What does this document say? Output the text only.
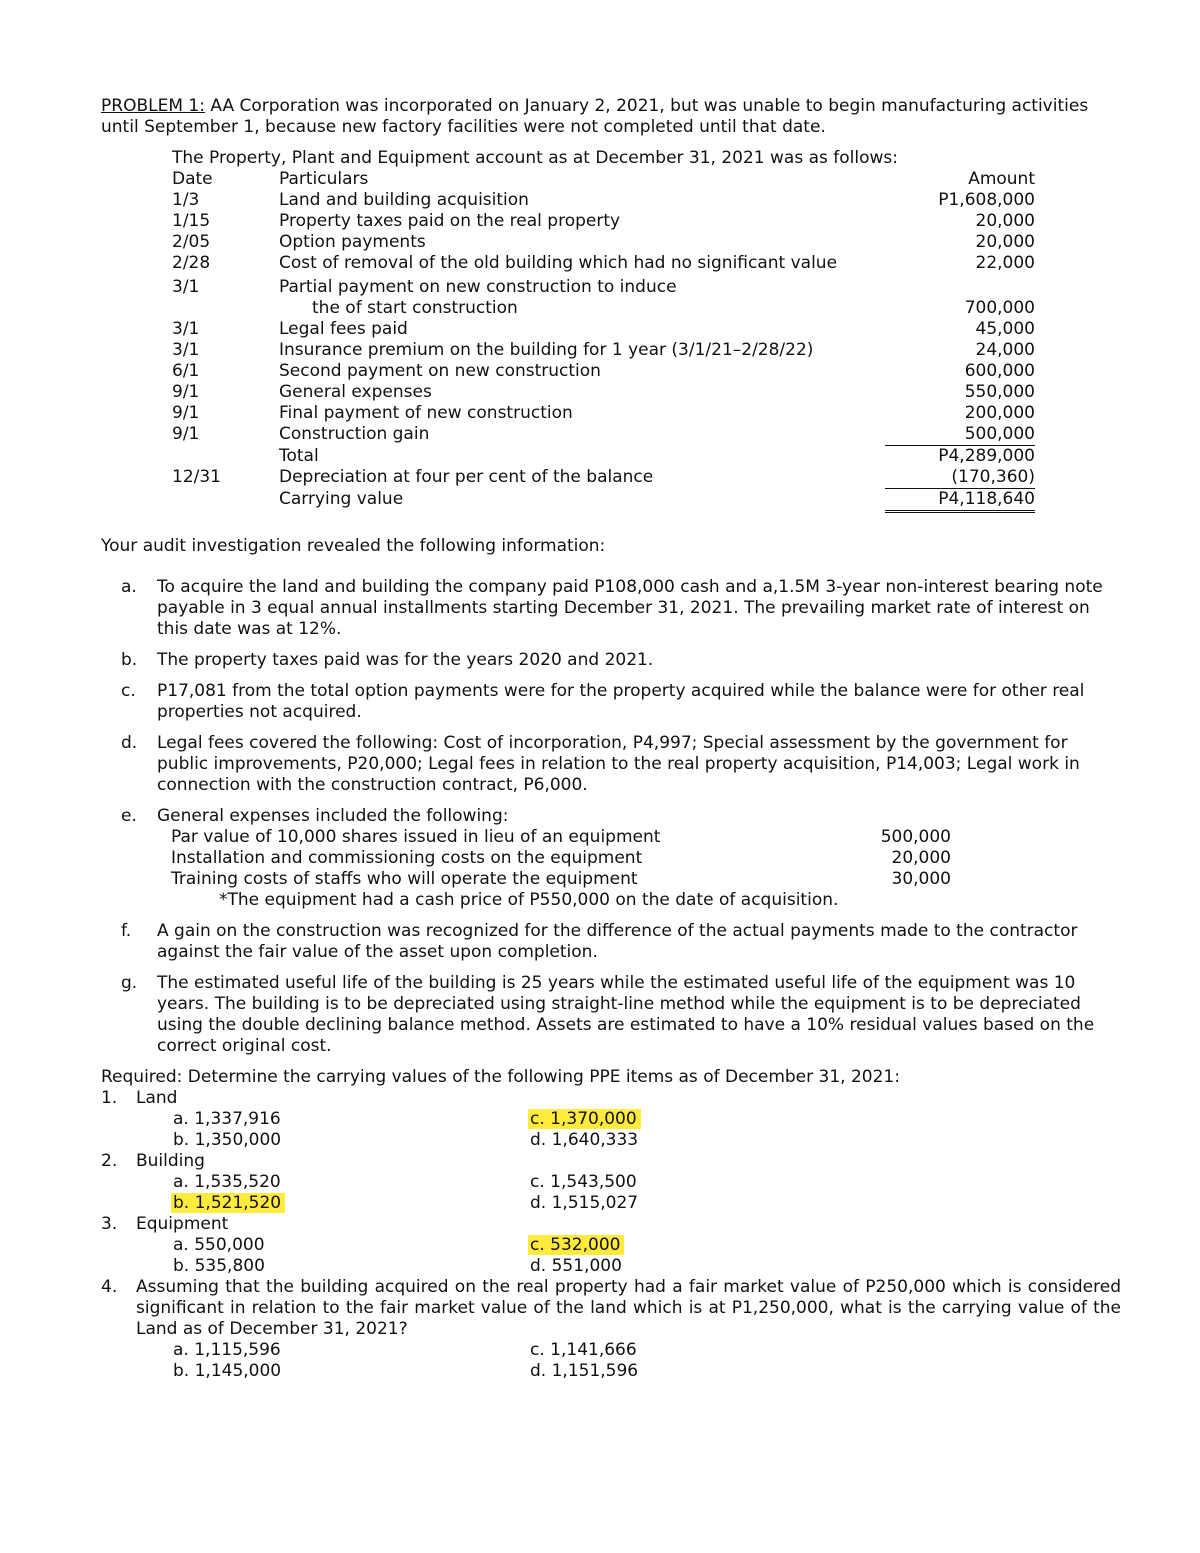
PROBLEM 1: AA Corporation was incorporated on January 2, 2021, but was unable to begin manufacturing activities until September 1, because new factory facilities were not completed until that date.

The Property, Plant and Equipment account as at December 31, 2021 was as follows:
Date	Particulars	Amount
1/3	Land and building acquisition	P1,608,000
1/15	Property taxes paid on the real property	20,000
2/05	Option payments	20,000
2/28	Cost of removal of the old building which had no significant value	22,000
3/1	Partial payment on new construction to induce
the of start construction	700,000
3/1	Legal fees paid	45,000
3/1	Insurance premium on the building for 1 year (3/1/21–2/28/22)	24,000
6/1	Second payment on new construction	600,000
9/1	General expenses	550,000
9/1	Final payment of new construction	200,000
9/1	Construction gain	500,000
Total	P4,289,000
12/31	Depreciation at four per cent of the balance	(170,360)
Carrying value	P4,118,640
Your audit investigation revealed the following information:
a.	To acquire the land and building the company paid P108,000 cash and a,1.5M 3-year non-interest bearing note payable in 3 equal annual installments starting December 31, 2021. The prevailing market rate of interest on this date was at 12%.
b.	The property taxes paid was for the years 2020 and 2021.
c.	P17,081 from the total option payments were for the property acquired while the balance were for other real properties not acquired.
d.	Legal fees covered the following: Cost of incorporation, P4,997; Special assessment by the government for public improvements, P20,000; Legal fees in relation to the real property acquisition, P14,003; Legal work in connection with the construction contract, P6,000.
e.	General expenses included the following:
Par value of 10,000 shares issued in lieu of an equipment	500,000
Installation and commissioning costs on the equipment	20,000
Training costs of staffs who will operate the equipment	30,000
*The equipment had a cash price of P550,000 on the date of acquisition.
f.	A gain on the construction was recognized for the difference of the actual payments made to the contractor against the fair value of the asset upon completion.
g.	The estimated useful life of the building is 25 years while the estimated useful life of the equipment was 10 years. The building is to be depreciated using straight-line method while the equipment is to be depreciated using the double declining balance method. Assets are estimated to have a 10% residual values based on the correct original cost.
Required: Determine the carrying values of the following PPE items as of December 31, 2021:
1.	Land
a. 1,337,916
b. 1,350,000
c. 1,370,000
d. 1,640,333
2.	Building
a. 1,535,520
b. 1,521,520
c. 1,543,500
d. 1,515,027
3.	Equipment
a. 550,000
b. 535,800
c. 532,000
d. 551,000
4.	Assuming that the building acquired on the real property had a fair market value of P250,000 which is considered significant in relation to the fair market value of the land which is at P1,250,000, what is the carrying value of the Land as of December 31, 2021?
a. 1,115,596
b. 1,145,000
c. 1,141,666
d. 1,151,596
